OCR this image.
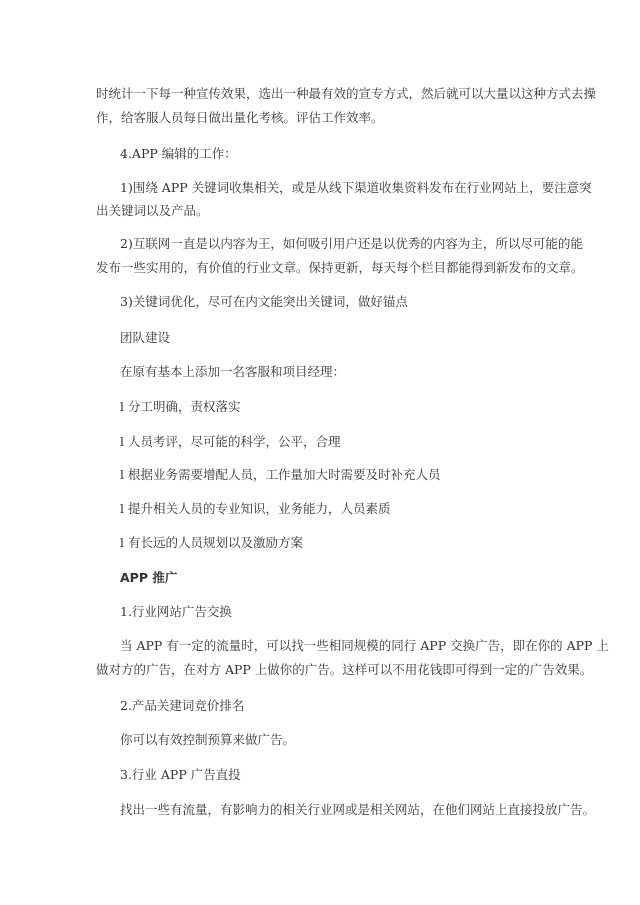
时统计一下每一种宣传效果，选出一种最有效的宣专方式，然后就可以大量以这种方式去操
作，给客服人员每日做出量化考核。评估工作效率。
4.APP 编辑的工作：
1)围绕 APP 关键词收集相关，或是从线下渠道收集资料发布在行业网站上，要注意突
出关键词以及产品。
2)互联网一直是以内容为王，如何吸引用户还是以优秀的内容为主，所以尽可能的能
发布一些实用的，有价值的行业文章。保持更新，每天每个栏目都能得到新发布的文章。
3)关键词优化，尽可在内文能突出关键词，做好锚点
团队建设
在原有基本上添加一名客服和项目经理：
l 分工明确，责权落实
l 人员考评，尽可能的科学，公平，合理
l 根据业务需要增配人员，工作量加大时需要及时补充人员
l 提升相关人员的专业知识，业务能力，人员素质
l 有长远的人员规划以及激励方案
APP 推广
1.行业网站广告交换
当 APP 有一定的流量时，可以找一些相同规模的同行 APP 交换广告，即在你的 APP 上
做对方的广告，在对方 APP 上做你的广告。这样可以不用花钱即可得到一定的广告效果。
2.产品关建词竞价排名
你可以有效控制预算来做广告。
3.行业 APP 广告直投
找出一些有流量，有影响力的相关行业网或是相关网站，在他们网站上直接投放广告。
